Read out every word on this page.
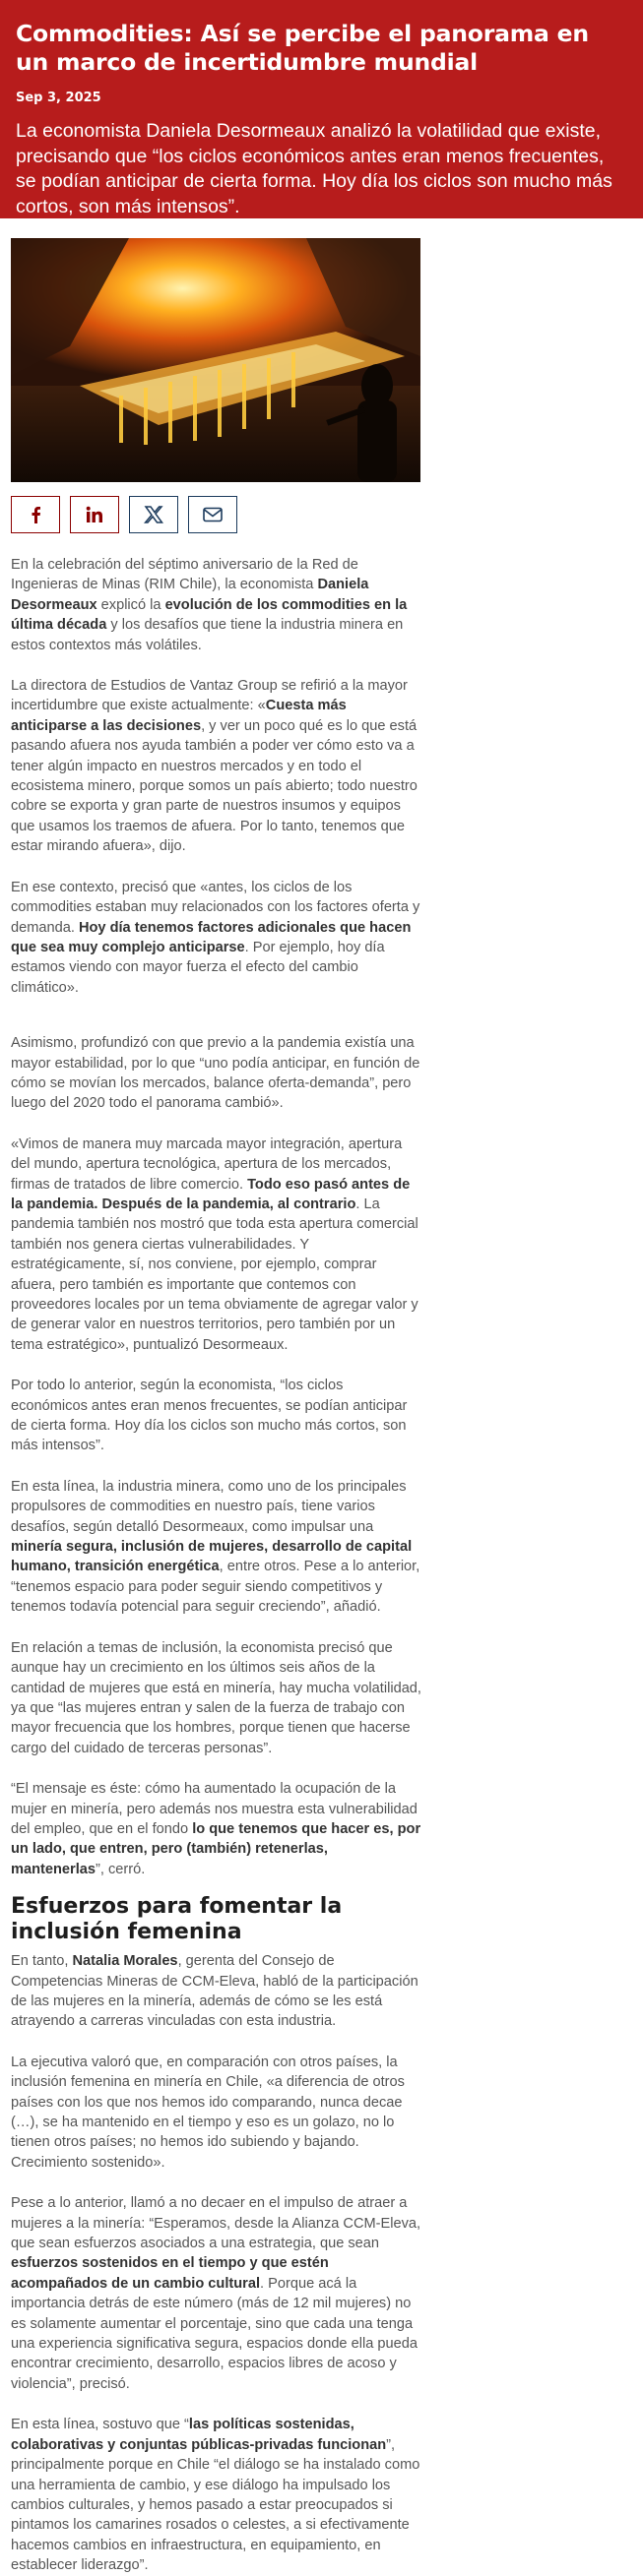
Commodities: Así se percibe el panorama en un marco de incertidumbre mundial
Sep 3, 2025

La economista Daniela Desormeaux analizó la volatilidad que existe, precisando que “los ciclos económicos antes eran menos frecuentes, se podían anticipar de cierta forma. Hoy día los ciclos son mucho más cortos, son más intensos”.

En la celebración del séptimo aniversario de la Red de Ingenieras de Minas (RIM Chile), la economista Daniela Desormeaux explicó la evolución de los commodities en la última década y los desafíos que tiene la industria minera en estos contextos más volátiles.

La directora de Estudios de Vantaz Group se refirió a la mayor incertidumbre que existe actualmente: «Cuesta más anticiparse a las decisiones, y ver un poco qué es lo que está pasando afuera nos ayuda también a poder ver cómo esto va a tener algún impacto en nuestros mercados y en todo el ecosistema minero, porque somos un país abierto; todo nuestro cobre se exporta y gran parte de nuestros insumos y equipos que usamos los traemos de afuera. Por lo tanto, tenemos que estar mirando afuera», dijo.

En ese contexto, precisó que «antes, los ciclos de los commodities estaban muy relacionados con los factores oferta y demanda. Hoy día tenemos factores adicionales que hacen que sea muy complejo anticiparse. Por ejemplo, hoy día estamos viendo con mayor fuerza el efecto del cambio climático».

Asimismo, profundizó con que previo a la pandemia existía una mayor estabilidad, por lo que “uno podía anticipar, en función de cómo se movían los mercados, balance oferta-demanda”, pero luego del 2020 todo el panorama cambió».

«Vimos de manera muy marcada mayor integración, apertura del mundo, apertura tecnológica, apertura de los mercados, firmas de tratados de libre comercio. Todo eso pasó antes de la pandemia. Después de la pandemia, al contrario. La pandemia también nos mostró que toda esta apertura comercial también nos genera ciertas vulnerabilidades. Y estratégicamente, sí, nos conviene, por ejemplo, comprar afuera, pero también es importante que contemos con proveedores locales por un tema obviamente de agregar valor y de generar valor en nuestros territorios, pero también por un tema estratégico», puntualizó Desormeaux.

Por todo lo anterior, según la economista, “los ciclos económicos antes eran menos frecuentes, se podían anticipar de cierta forma. Hoy día los ciclos son mucho más cortos, son más intensos”.

En esta línea, la industria minera, como uno de los principales propulsores de commodities en nuestro país, tiene varios desafíos, según detalló Desormeaux, como impulsar una minería segura, inclusión de mujeres, desarrollo de capital humano, transición energética, entre otros. Pese a lo anterior, “tenemos espacio para poder seguir siendo competitivos y tenemos todavía potencial para seguir creciendo”, añadió.

En relación a temas de inclusión, la economista precisó que aunque hay un crecimiento en los últimos seis años de la cantidad de mujeres que está en minería, hay mucha volatilidad, ya que “las mujeres entran y salen de la fuerza de trabajo con mayor frecuencia que los hombres, porque tienen que hacerse cargo del cuidado de terceras personas”.

“El mensaje es éste: cómo ha aumentado la ocupación de la mujer en minería, pero además nos muestra esta vulnerabilidad del empleo, que en el fondo lo que tenemos que hacer es, por un lado, que entren, pero (también) retenerlas, mantenerlas”, cerró.

Esfuerzos para fomentar la inclusión femenina

En tanto, Natalia Morales, gerenta del Consejo de Competencias Mineras de CCM-Eleva, habló de la participación de las mujeres en la minería, además de cómo se les está atrayendo a carreras vinculadas con esta industria.

La ejecutiva valoró que, en comparación con otros países, la inclusión femenina en minería en Chile, «a diferencia de otros países con los que nos hemos ido comparando, nunca decae (…), se ha mantenido en el tiempo y eso es un golazo, no lo tienen otros países; no hemos ido subiendo y bajando. Crecimiento sostenido».

Pese a lo anterior, llamó a no decaer en el impulso de atraer a mujeres a la minería: “Esperamos, desde la Alianza CCM-Eleva, que sean esfuerzos asociados a una estrategia, que sean esfuerzos sostenidos en el tiempo y que estén acompañados de un cambio cultural. Porque acá la importancia detrás de este número (más de 12 mil mujeres) no es solamente aumentar el porcentaje, sino que cada una tenga una experiencia significativa segura, espacios donde ella pueda encontrar crecimiento, desarrollo, espacios libres de acoso y violencia”, precisó.

En esta línea, sostuvo que “las políticas sostenidas, colaborativas y conjuntas públicas-privadas funcionan”, principalmente porque en Chile “el diálogo se ha instalado como una herramienta de cambio, y ese diálogo ha impulsado los cambios culturales, y hemos pasado a estar preocupados si pintamos los camarines rosados o celestes, a si efectivamente hacemos cambios en infraestructura, en equipamiento, en establecer liderazgo”.
